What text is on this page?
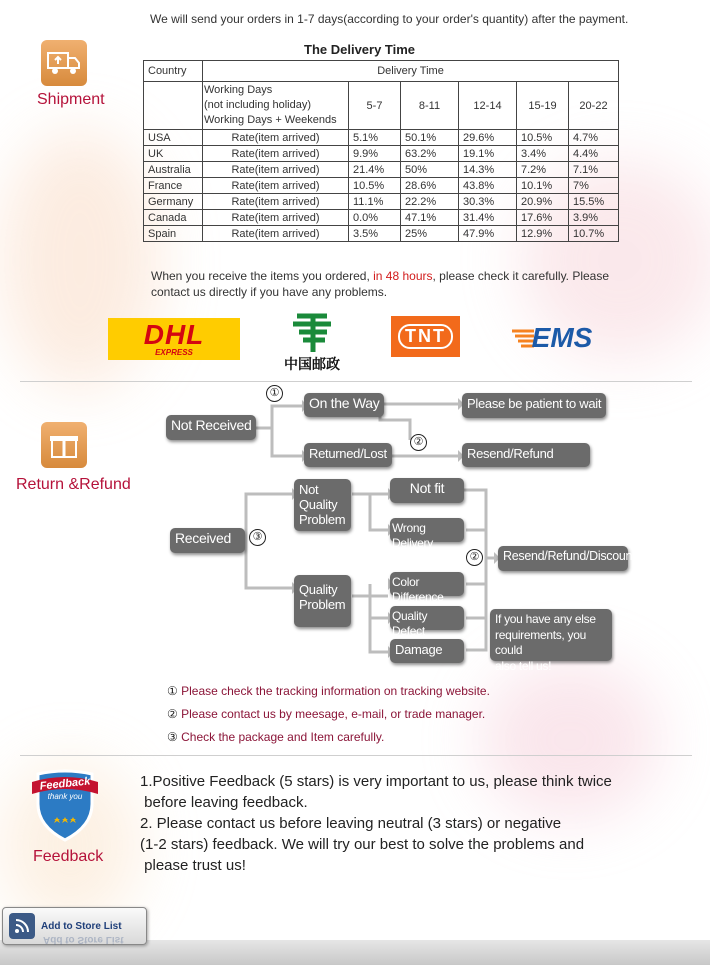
We will send your orders in 1-7 days(according to your order's quantity) after the payment.
Shipment
The Delivery Time
Country	Delivery Time					

	Working Days
(not including holiday)
Working Days + Weekends	5-7	8-11	12-14	15-19	20-22
USA	Rate(item arrived)	5.1%	50.1%	29.6%	10.5%	4.7%
UK	Rate(item arrived)	9.9%	63.2%	19.1%	3.4%	4.4%
Australia	Rate(item arrived)	21.4%	50%	14.3%	7.2%	7.1%
France	Rate(item arrived)	10.5%	28.6%	43.8%	10.1%	7%
Germany	Rate(item arrived)	11.1%	22.2%	30.3%	20.9%	15.5%
Canada	Rate(item arrived)	0.0%	47.1%	31.4%	17.6%	3.9%
Spain	Rate(item arrived)	3.5%	25%	47.9%	12.9%	10.7%
When you receive the items you ordered, in 48 hours, please check it carefully. Please contact us directly if you have any problems.
DHL
EXPRESS
中国邮政
TNT	EMS
Return &Refund
Not Received
①
On the Way	Please be patient to wait
②
Returned/Lost	Resend/Refund
Received	③
Not
Quality
Problem
Quality
Problem
Not fit
Wrong Delivery
Color Difference
Quality Defect
Damage
②	Resend/Refund/Discount
If you have any else
requirements, you could
also tell us!
① Please check the tracking information on tracking website.
② Please contact us by meesage, e-mail, or trade manager.
③ Check the package and Item carefully.
Feedback
thank you
Feedback
1.Positive Feedback (5 stars) is very important to us, please think twice
before leaving feedback.
2. Please contact us before leaving neutral (3 stars) or negative
(1-2 stars) feedback. We will try our best to solve the problems and
please trust us!
Add to Store List
Add to Store List
